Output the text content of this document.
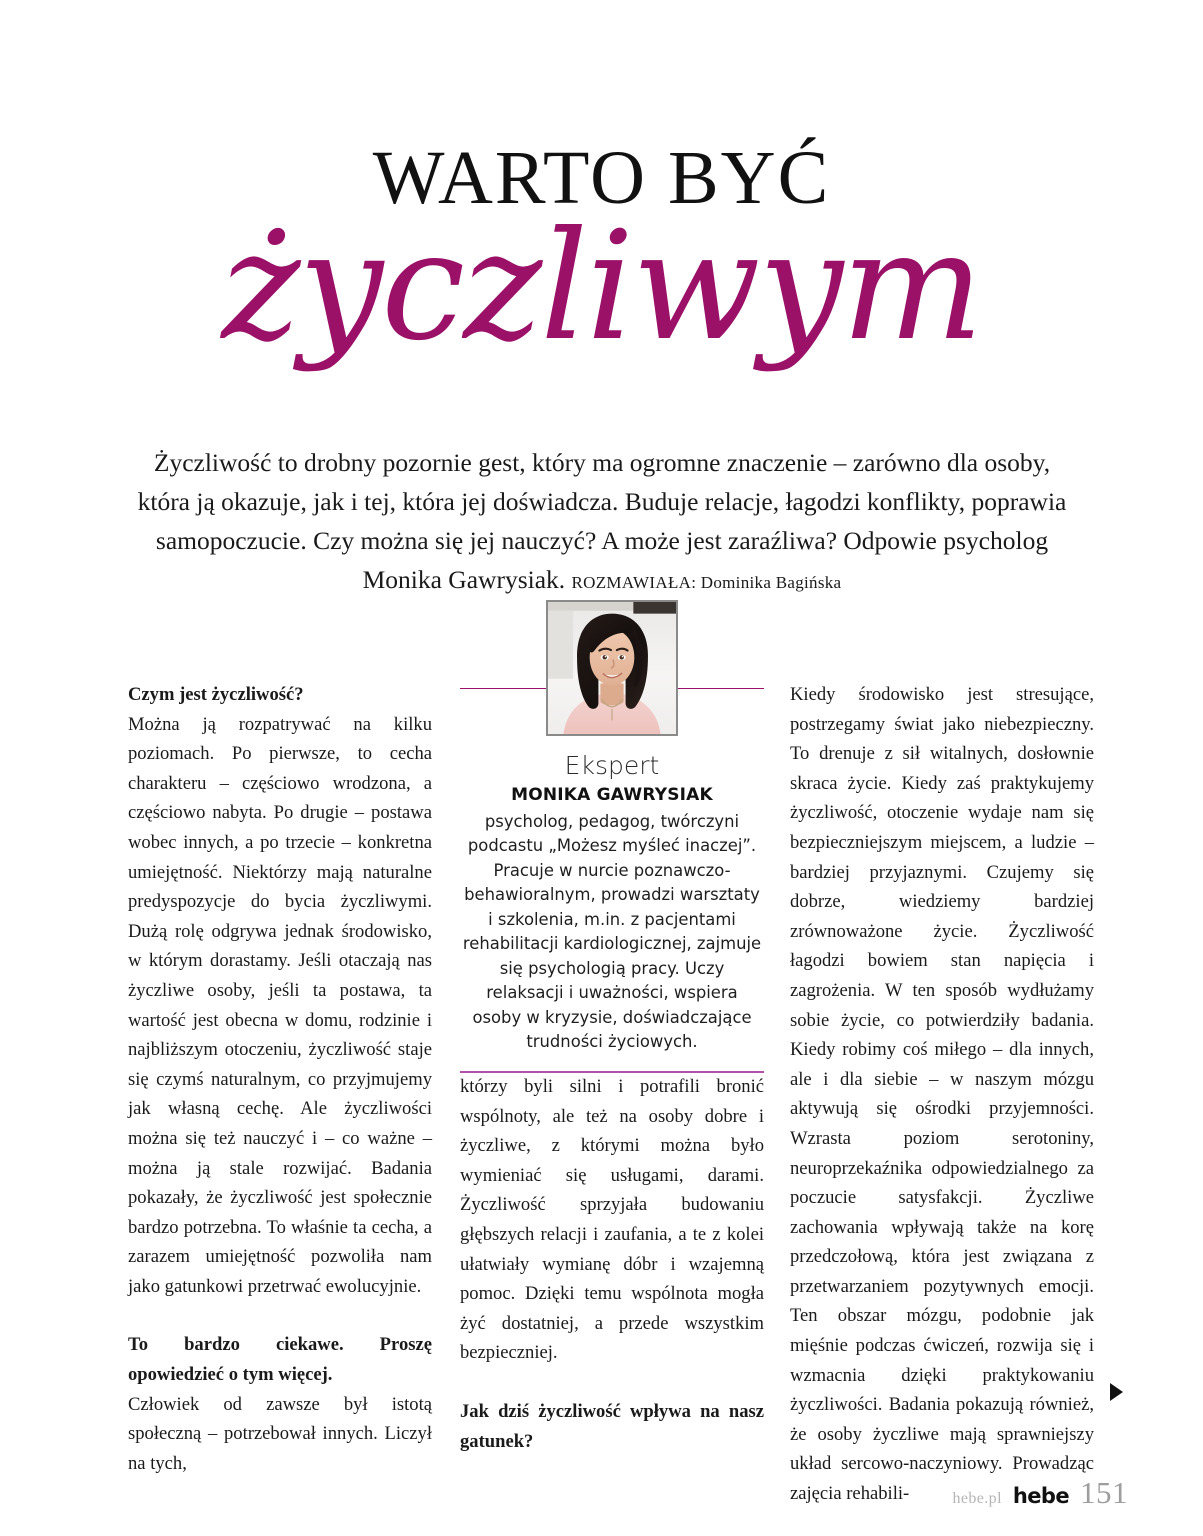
WARTO BYĆ
życzliwym
Życzliwość to drobny pozornie gest, który ma ogromne znaczenie – zarówno dla osoby, która ją okazuje, jak i tej, która jej doświadcza. Buduje relacje, łagodzi konflikty, poprawia samopoczucie. Czy można się jej nauczyć? A może jest zaraźliwa? Odpowie psycholog Monika Gawrysiak. ROZMAWIAŁA: Dominika Bagińska
Ekspert
MONIKA GAWRYSIAK
psycholog, pedagog, twórczyni podcastu „Możesz myśleć inaczej”. Pracuje w nurcie poznawczo-behawioralnym, prowadzi warsztaty i szkolenia, m.in. z pacjentami rehabilitacji kardiologicznej, zajmuje się psychologią pracy. Uczy relaksacji i uważności, wspiera osoby w kryzysie, doświadczające trudności życiowych.
Czym jest życzliwość?

Można ją rozpatrywać na kilku poziomach. Po pierwsze, to cecha charakteru – częściowo wrodzona, a częściowo nabyta. Po drugie – postawa wobec innych, a po trzecie – konkretna umiejętność. Niektórzy mają naturalne predyspozycje do bycia życzliwymi. Dużą rolę odgrywa jednak środowisko, w którym dorastamy. Jeśli otaczają nas życzliwe osoby, jeśli ta postawa, ta wartość jest obecna w domu, rodzinie i najbliższym otoczeniu, życzliwość staje się czymś naturalnym, co przyjmujemy jak własną cechę. Ale życzliwości można się też nauczyć i – co ważne – można ją stale rozwijać. Badania pokazały, że życzliwość jest społecznie bardzo potrzebna. To właśnie ta cecha, a zarazem umiejętność pozwoliła nam jako gatunkowi przetrwać ewolucyjnie.

To bardzo ciekawe. Proszę opowiedzieć o tym więcej.

Człowiek od zawsze był istotą społeczną – potrzebował innych. Liczył na tych,

którzy byli silni i potrafili bronić wspólnoty, ale też na osoby dobre i życzliwe, z którymi można było wymieniać się usługami, darami. Życzliwość sprzyjała budowaniu głębszych relacji i zaufania, a te z kolei ułatwiały wymianę dóbr i wzajemną pomoc. Dzięki temu wspólnota mogła żyć dostatniej, a przede wszystkim bezpieczniej.

Jak dziś życzliwość wpływa na nasz gatunek?

Kiedy środowisko jest stresujące, postrzegamy świat jako niebezpieczny. To drenuje z sił witalnych, dosłownie skraca życie. Kiedy zaś praktykujemy życzliwość, otoczenie wydaje nam się bezpieczniejszym miejscem, a ludzie – bardziej przyjaznymi. Czujemy się dobrze, wiedziemy bardziej zrównoważone życie. Życzliwość łagodzi bowiem stan napięcia i zagrożenia. W ten sposób wydłużamy sobie życie, co potwierdziły badania. Kiedy robimy coś miłego – dla innych, ale i dla siebie – w naszym mózgu aktywują się ośrodki przyjemności. Wzrasta poziom serotoniny, neuroprzekaźnika odpowiedzialnego za poczucie satysfakcji. Życzliwe zachowania wpływają także na korę przedczołową, która jest związana z przetwarzaniem pozytywnych emocji. Ten obszar mózgu, podobnie jak mięśnie podczas ćwiczeń, rozwija się i wzmacnia dzięki praktykowaniu życzliwości. Badania pokazują również, że osoby życzliwe mają sprawniejszy układ sercowo-naczyniowy. Prowadząc zajęcia rehabili-	hebe.pl hebe 151
